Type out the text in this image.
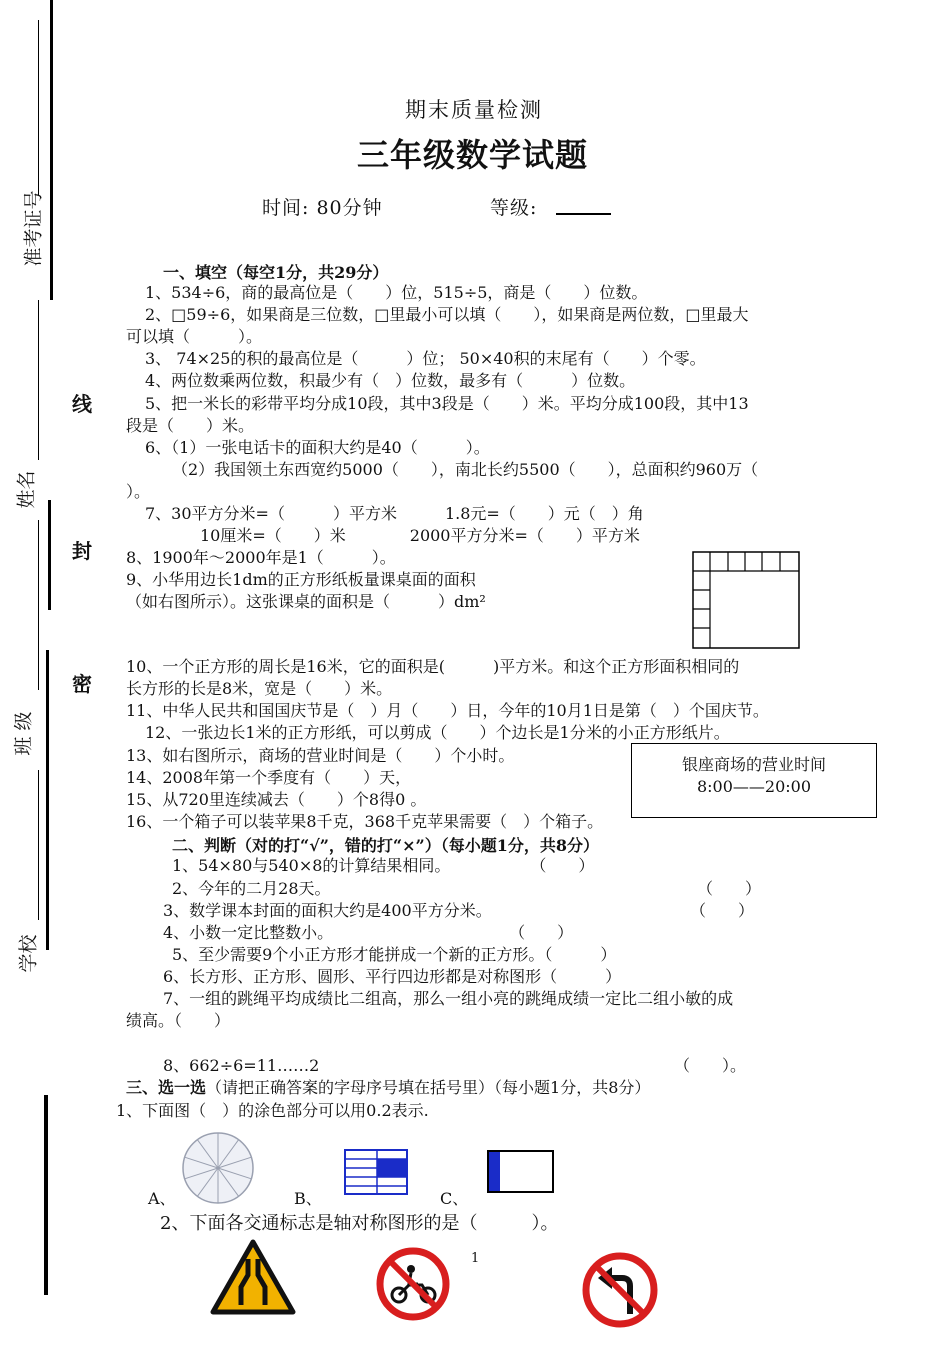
准考证号
姓名
班 级
学校
线
封
密
期末质量检测
三年级数学试题
时间: 80分钟	等级:
一、填空（每空1分，共29分）
1、534÷6，商的最高位是（　　）位，515÷5，商是（　　）位数。
2、□59÷6，如果商是三位数，□里最小可以填（　　），如果商是两位数，□里最大
可以填（　　　）。
3、 74×25的积的最高位是（　　　）位； 50×40积的末尾有（　　）个零。
4、两位数乘两位数，积最少有（　）位数，最多有（　　　）位数。
5、把一米长的彩带平均分成10段，其中3段是（　　）米。平均分成100段，其中13
段是（　　）米。
6、（1）一张电话卡的面积大约是40（　　　）。
（2）我国领土东西宽约5000（　　），南北长约5500（　　），总面积约960万（
）。
7、30平方分米=（　　　）平方米　　　1.8元=（　　）元（　）角
10厘米=（　　）米　　　　2000平方分米=（　　）平方米
8、1900年～2000年是1（　　　）。
9、小华用边长1dm的正方形纸板量课桌面的面积
（如右图所示）。这张课桌的面积是（　　　）dm²
10、一个正方形的周长是16米，它的面积是(　　　)平方米。和这个正方形面积相同的
长方形的长是8米，宽是（　　）米。
11、中华人民共和国国庆节是（　）月（　　）日，今年的10月1日是第（　）个国庆节。
12、一张边长1米的正方形纸，可以剪成（　　）个边长是1分米的小正方形纸片。
13、如右图所示，商场的营业时间是（　　）个小时。
14、2008年第一个季度有（　　）天，
15、从720里连续减去（　　）个8得0 。
16、一个箱子可以装苹果8千克，368千克苹果需要（　）个箱子。
银座商场的营业时间
8:00——20:00
二、判断（对的打“√”，错的打“×”）（每小题1分，共8分）
1、54×80与540×8的计算结果相同。　　　　　　（　　）
2、今年的二月28天。	（　　）
3、数学课本封面的面积大约是400平方分米。	（　　）
4、小数一定比整数小。　　　　　　　　　　　　（　　）
5、至少需要9个小正方形才能拼成一个新的正方形。（　　　）
6、长方形、正方形、圆形、平行四边形都是对称图形（　　　）
7、一组的跳绳平均成绩比二组高，那么一组小亮的跳绳成绩一定比二组小敏的成
绩高。（　　）
8、662÷6=11……2	（　　）。
三、选一选（请把正确答案的字母序号填在括号里）（每小题1分，共8分）
1、下面图（　）的涂色部分可以用0.2表示.
A、	B、	C、
2、下面各交通标志是轴对称图形的是（　　　）。
1
